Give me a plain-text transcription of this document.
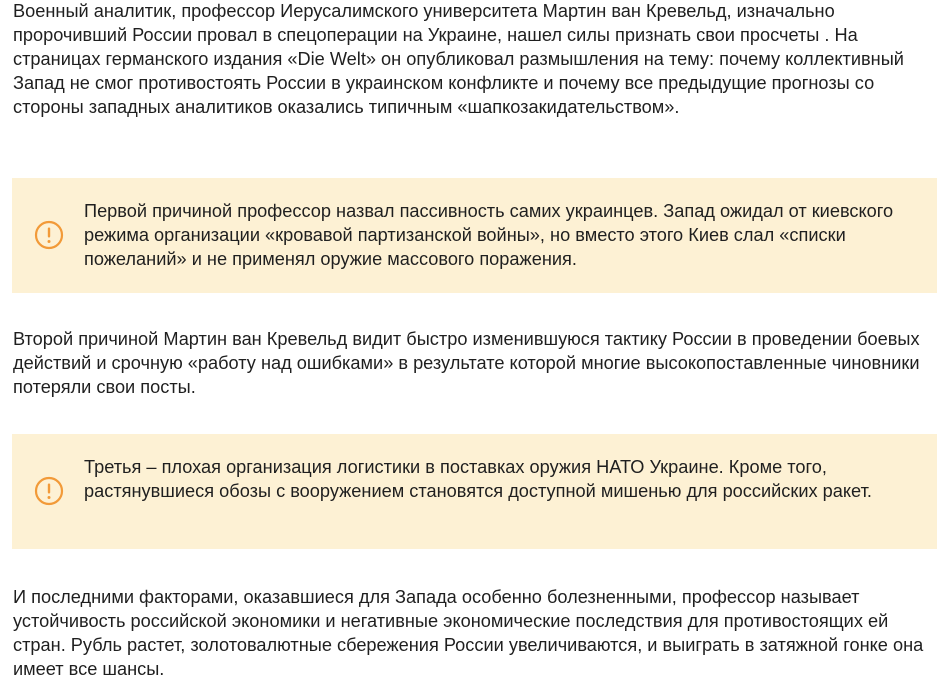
Военный аналитик, профессор Иерусалимского университета Мартин ван Кревельд, изначально пророчивший России провал в спецоперации на Украине, нашел силы признать свои просчеты . На страницах германского издания «Die Welt» он опубликовал размышления на тему: почему коллективный Запад не смог противостоять России в украинском конфликте и почему все предыдущие прогнозы со стороны западных аналитиков оказались типичным «шапкозакидательством».

Первой причиной профессор назвал пассивность самих украинцев. Запад ожидал от киевского режима организации «кровавой партизанской войны», но вместо этого Киев слал «списки пожеланий» и не применял оружие массового поражения.

Второй причиной Мартин ван Кревельд видит быстро изменившуюся тактику России в проведении боевых действий и срочную «работу над ошибками» в результате которой многие высокопоставленные чиновники потеряли свои посты.

Третья – плохая организация логистики в поставках оружия НАТО Украине. Кроме того, растянувшиеся обозы с вооружением становятся доступной мишенью для российских ракет.

И последними факторами, оказавшиеся для Запада особенно болезненными, профессор называет устойчивость российской экономики и негативные экономические последствия для противостоящих ей стран. Рубль растет, золотовалютные сбережения России увеличиваются, и выиграть в затяжной гонке она имеет все шансы.
